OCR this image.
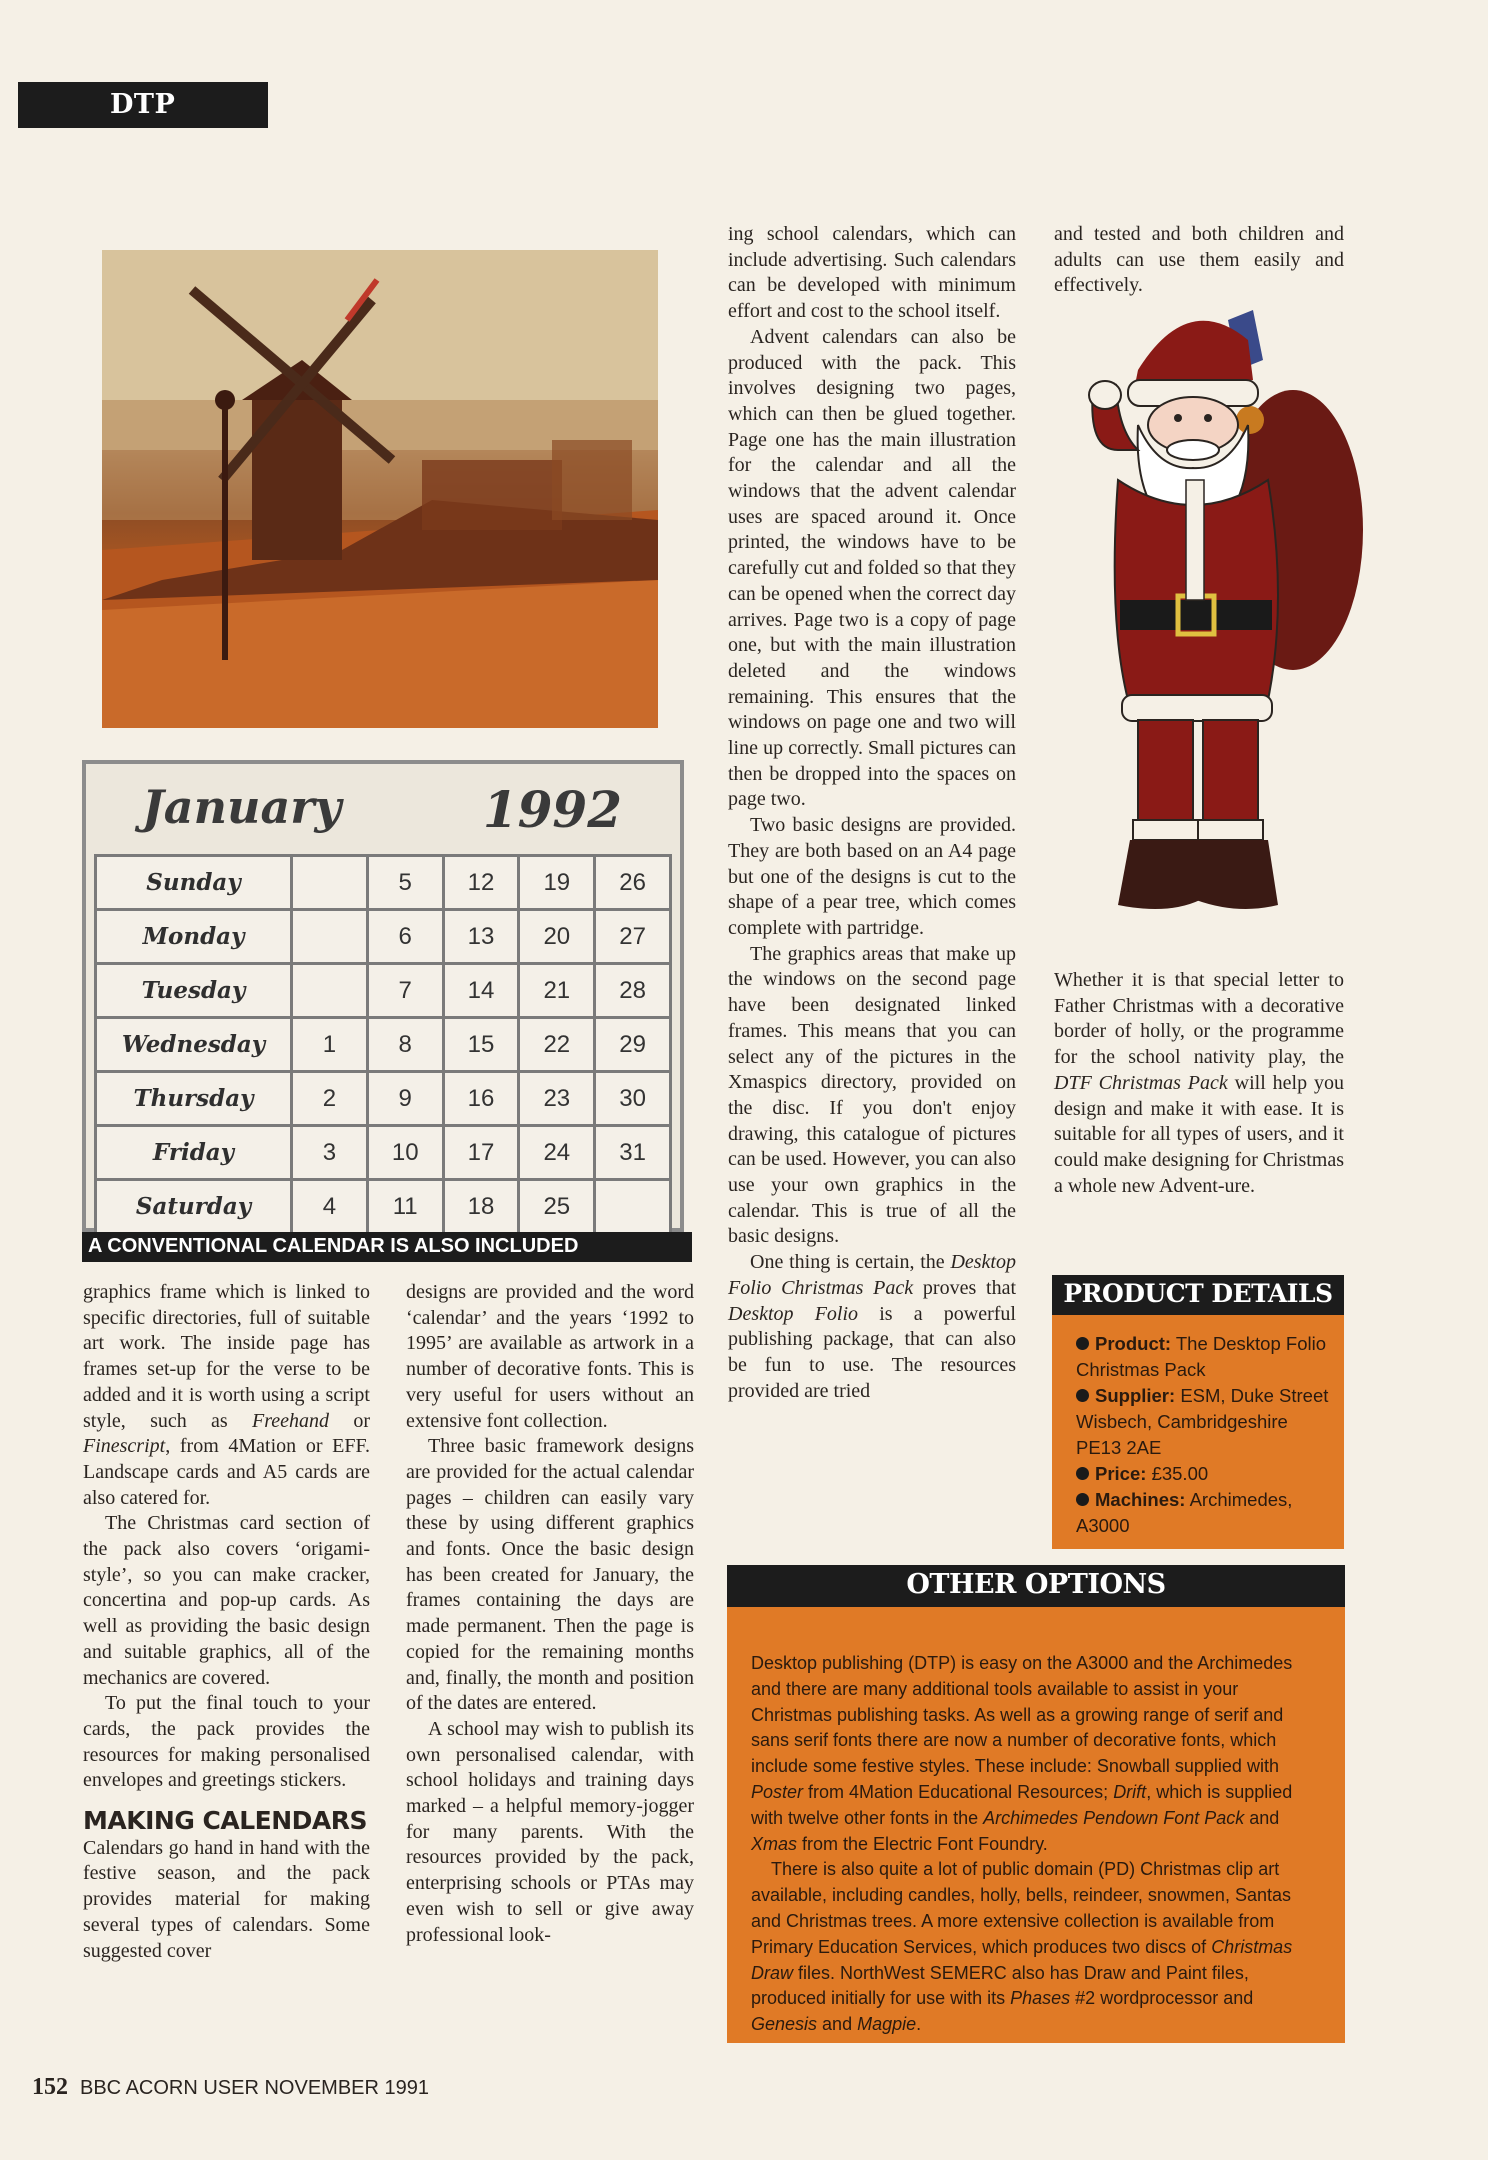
DTP
January	1992
Sunday		5	12	19	26
Monday		6	13	20	27
Tuesday		7	14	21	28
Wednesday	1	8	15	22	29
Thursday	2	9	16	23	30
Friday	3	10	17	24	31
Saturday	4	11	18	25	
A CONVENTIONAL CALENDAR IS ALSO INCLUDED

graphics frame which is linked to specific directories, full of suitable art work. The inside page has frames set-up for the verse to be added and it is worth using a script style, such as Freehand or Finescript, from 4Mation or EFF. Landscape cards and A5 cards are also catered for.

The Christmas card section of the pack also covers ‘origami-style’, so you can make cracker, concertina and pop-up cards. As well as providing the basic design and suitable graphics, all of the mechanics are covered.

To put the final touch to your cards, the pack provides the resources for making personalised envelopes and greetings stickers.

MAKING CALENDARS

Calendars go hand in hand with the festive season, and the pack provides material for making several types of calendars. Some suggested cover

designs are provided and the word ‘calendar’ and the years ‘1992 to 1995’ are available as artwork in a number of decorative fonts. This is very useful for users without an extensive font collection.

Three basic framework designs are provided for the actual calendar pages – children can easily vary these by using different graphics and fonts. Once the basic design has been created for January, the frames containing the days are made permanent. Then the page is copied for the remaining months and, finally, the month and position of the dates are entered.

A school may wish to publish its own personalised calendar, with school holidays and training days marked – a helpful memory-jogger for many parents. With the resources provided by the pack, enterprising schools or PTAs may even wish to sell or give away professional look-

ing school calendars, which can include advertising. Such calendars can be developed with minimum effort and cost to the school itself.

Advent calendars can also be produced with the pack. This involves designing two pages, which can then be glued together. Page one has the main illustration for the calendar and all the windows that the advent calendar uses are spaced around it. Once printed, the windows have to be carefully cut and folded so that they can be opened when the correct day arrives. Page two is a copy of page one, but with the main illustration deleted and the windows remaining. This ensures that the windows on page one and two will line up correctly. Small pictures can then be dropped into the spaces on page two.

Two basic designs are provided. They are both based on an A4 page but one of the designs is cut to the shape of a pear tree, which comes complete with partridge.

The graphics areas that make up the windows on the second page have been designated linked frames. This means that you can select any of the pictures in the Xmaspics directory, provided on the disc. If you don't enjoy drawing, this catalogue of pictures can be used. However, you can also use your own graphics in the calendar. This is true of all the basic designs.

One thing is certain, the Desktop Folio Christmas Pack proves that Desktop Folio is a powerful publishing package, that can also be fun to use. The resources provided are tried

and tested and both children and adults can use them easily and effectively.

Whether it is that special letter to Father Christmas with a decorative border of holly, or the programme for the school nativity play, the DTF Christmas Pack will help you design and make it with ease. It is suitable for all types of users, and it could make designing for Christmas a whole new Advent-ure.

PRODUCT DETAILS
Product: The Desktop Folio Christmas Pack
Supplier: ESM, Duke Street Wisbech, Cambridgeshire PE13 2AE
Price: £35.00
Machines: Archimedes, A3000
OTHER OPTIONS

Desktop publishing (DTP) is easy on the A3000 and the Archimedes and there are many additional tools available to assist in your Christmas publishing tasks. As well as a growing range of serif and sans serif fonts there are now a number of decorative fonts, which include some festive styles. These include: Snowball supplied with Poster from 4Mation Educational Resources; Drift, which is supplied with twelve other fonts in the Archimedes Pendown Font Pack and Xmas from the Electric Font Foundry.

There is also quite a lot of public domain (PD) Christmas clip art available, including candles, holly, bells, reindeer, snowmen, Santas and Christmas trees. A more extensive collection is available from Primary Education Services, which produces two discs of Christmas Draw files. NorthWest SEMERC also has Draw and Paint files, produced initially for use with its Phases #2 wordprocessor and Genesis and Magpie.

152 BBC ACORN USER NOVEMBER 1991
